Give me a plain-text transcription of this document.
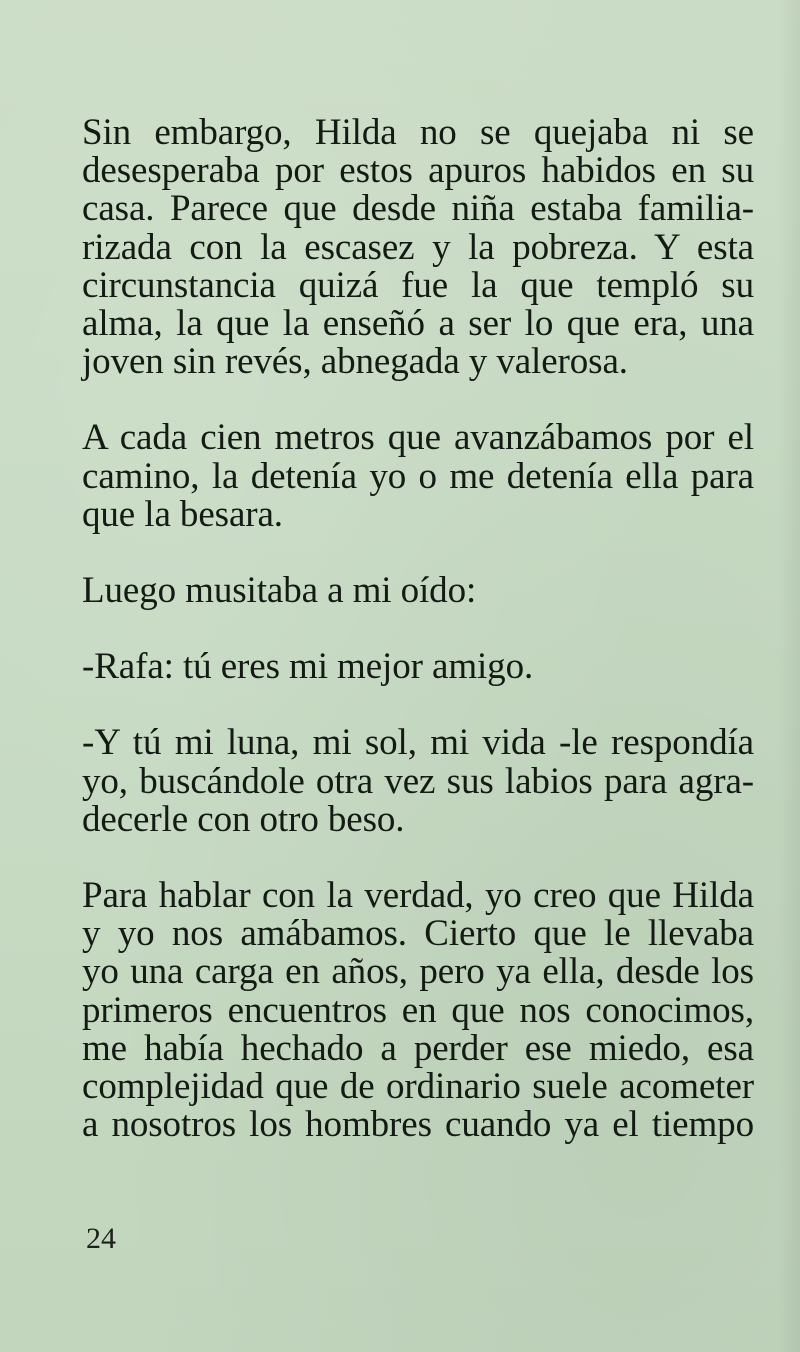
Sin embargo, Hilda no se quejaba ni se
desesperaba por estos apuros habidos en su
casa. Parece que desde niña estaba familia-
rizada con la escasez y la pobreza. Y esta
circunstancia quizá fue la que templó su
alma, la que la enseñó a ser lo que era, una
joven sin revés, abnegada y valerosa.

A cada cien metros que avanzábamos por el
camino, la detenía yo o me detenía ella para
que la besara.

Luego musitaba a mi oído:

-Rafa: tú eres mi mejor amigo.

-Y tú mi luna, mi sol, mi vida -le respondía
yo, buscándole otra vez sus labios para agra-
decerle con otro beso.

Para hablar con la verdad, yo creo que Hilda
y yo nos amábamos. Cierto que le llevaba
yo una carga en años, pero ya ella, desde los
primeros encuentros en que nos conocimos,
me había hechado a perder ese miedo, esa
complejidad que de ordinario suele acometer
a nosotros los hombres cuando ya el tiempo

24
